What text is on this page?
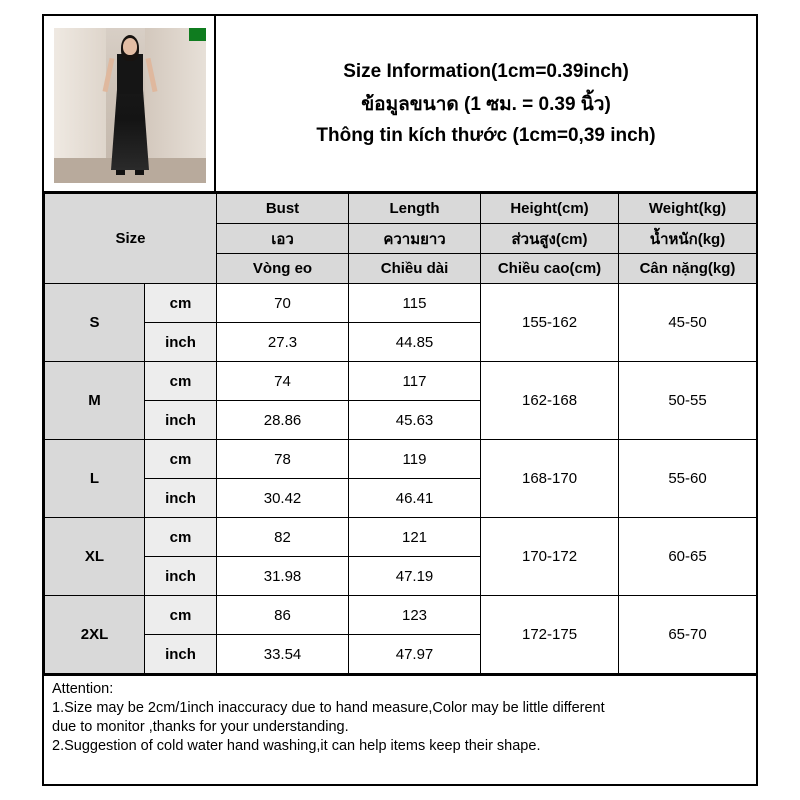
Size Information(1cm=0.39inch)
ข้อมูลขนาด (1 ซม. = 0.39 นิ้ว)
Thông tin kích thước (1cm=0,39 inch)
Size		Bust	Length	Height(cm)	Weight(kg)
		เอว	ความยาว	ส่วนสูง(cm)	น้ำหนัก(kg)
		Vòng eo	Chiều dài	Chiều cao(cm)	Cân nặng(kg)
S	cm	70	115	155-162	45-50
	inch	27.3	44.85		
M	cm	74	117	162-168	50-55
	inch	28.86	45.63		
L	cm	78	119	168-170	55-60
	inch	30.42	46.41		
XL	cm	82	121	170-172	60-65
	inch	31.98	47.19		
2XL	cm	86	123	172-175	65-70
	inch	33.54	47.97		
Attention:
1.Size may be 2cm/1inch inaccuracy due to hand measure,Color may be little different
due to monitor ,thanks for your understanding.
2.Suggestion of cold water hand washing,it can help items keep their shape.
